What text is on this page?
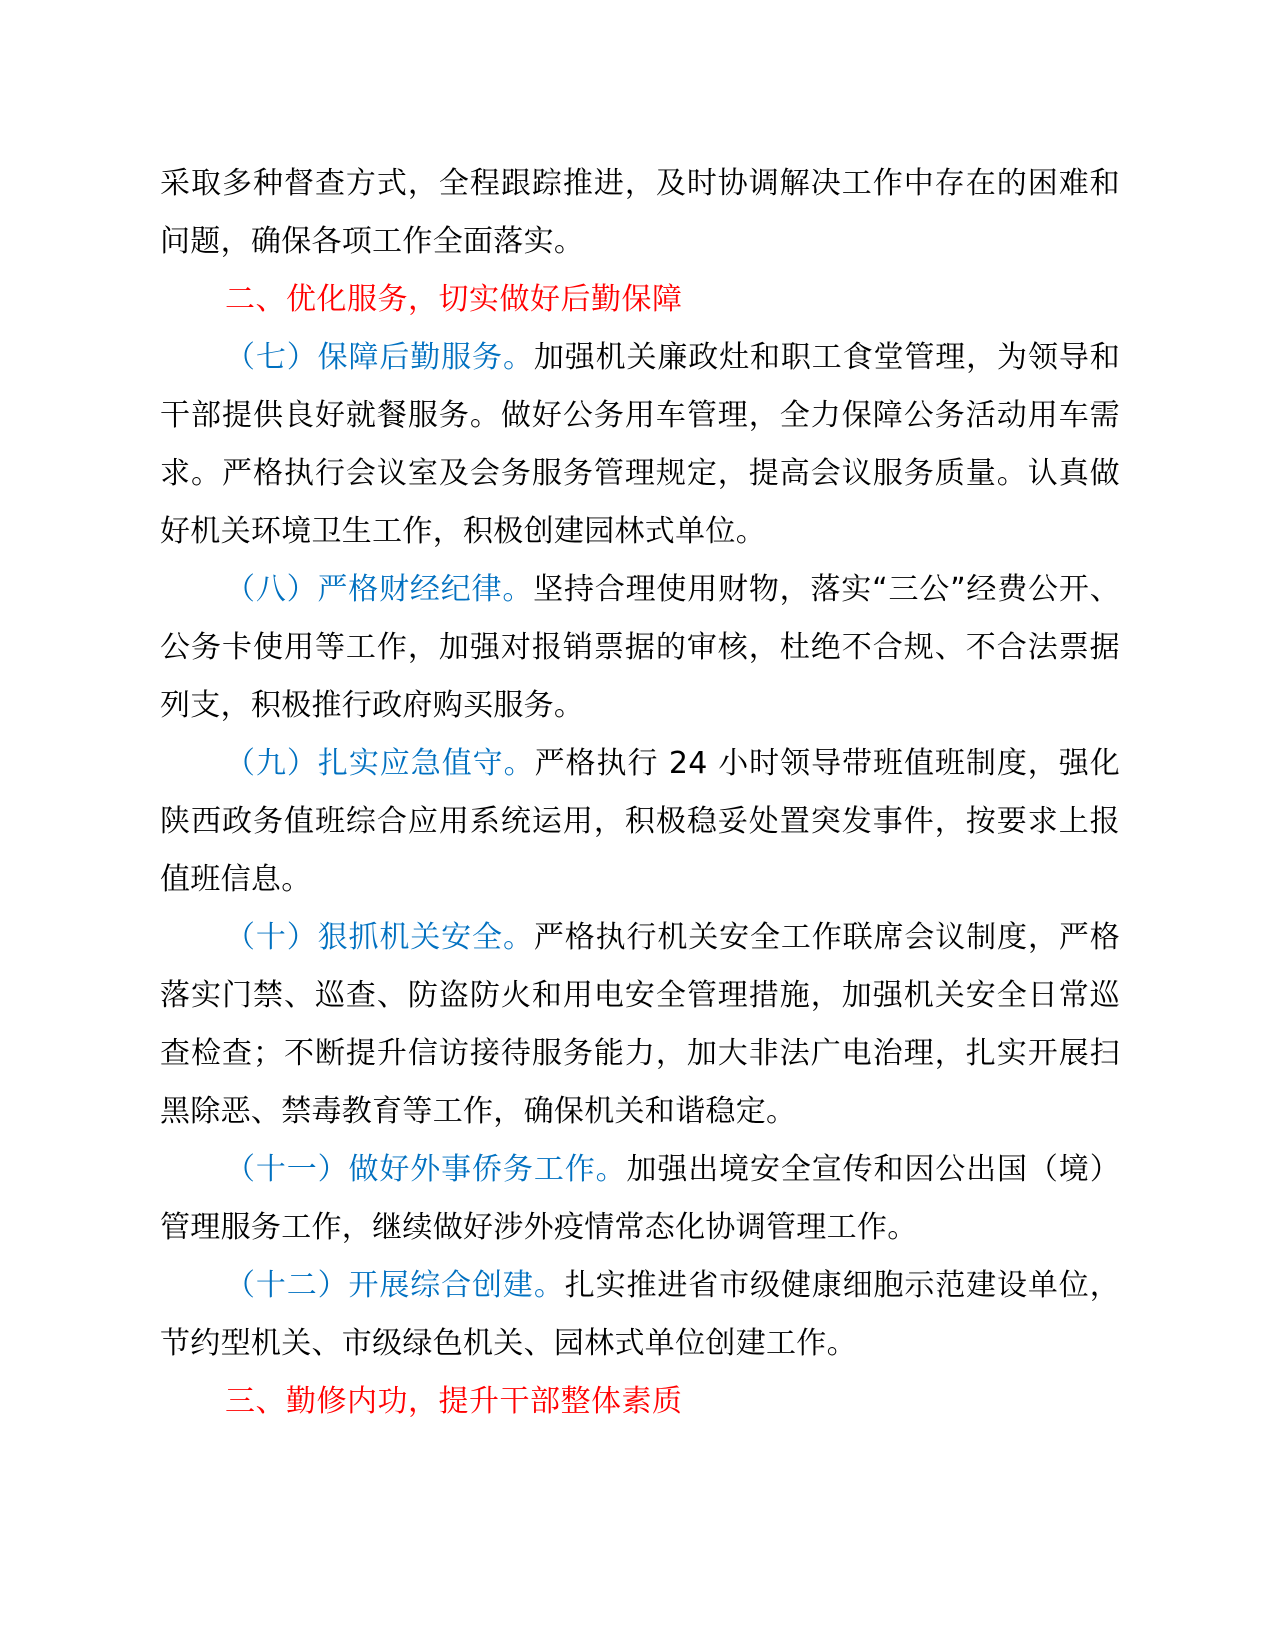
采取多种督查方式，全程跟踪推进，及时协调解决工作中存在的困难和问题，确保各项工作全面落实。

二、优化服务，切实做好后勤保障

（七）保障后勤服务。加强机关廉政灶和职工食堂管理，为领导和干部提供良好就餐服务。做好公务用车管理，全力保障公务活动用车需求。严格执行会议室及会务服务管理规定，提高会议服务质量。认真做好机关环境卫生工作，积极创建园林式单位。

（八）严格财经纪律。坚持合理使用财物，落实“三公”经费公开、公务卡使用等工作，加强对报销票据的审核，杜绝不合规、不合法票据列支，积极推行政府购买服务。

（九）扎实应急值守。严格执行 24 小时领导带班值班制度，强化陕西政务值班综合应用系统运用，积极稳妥处置突发事件，按要求上报值班信息。

（十）狠抓机关安全。严格执行机关安全工作联席会议制度，严格落实门禁、巡查、防盗防火和用电安全管理措施，加强机关安全日常巡查检查；不断提升信访接待服务能力，加大非法广电治理，扎实开展扫黑除恶、禁毒教育等工作，确保机关和谐稳定。

（十一）做好外事侨务工作。加强出境安全宣传和因公出国（境）管理服务工作，继续做好涉外疫情常态化协调管理工作。

（十二）开展综合创建。扎实推进省市级健康细胞示范建设单位，节约型机关、市级绿色机关、园林式单位创建工作。

三、勤修内功，提升干部整体素质
